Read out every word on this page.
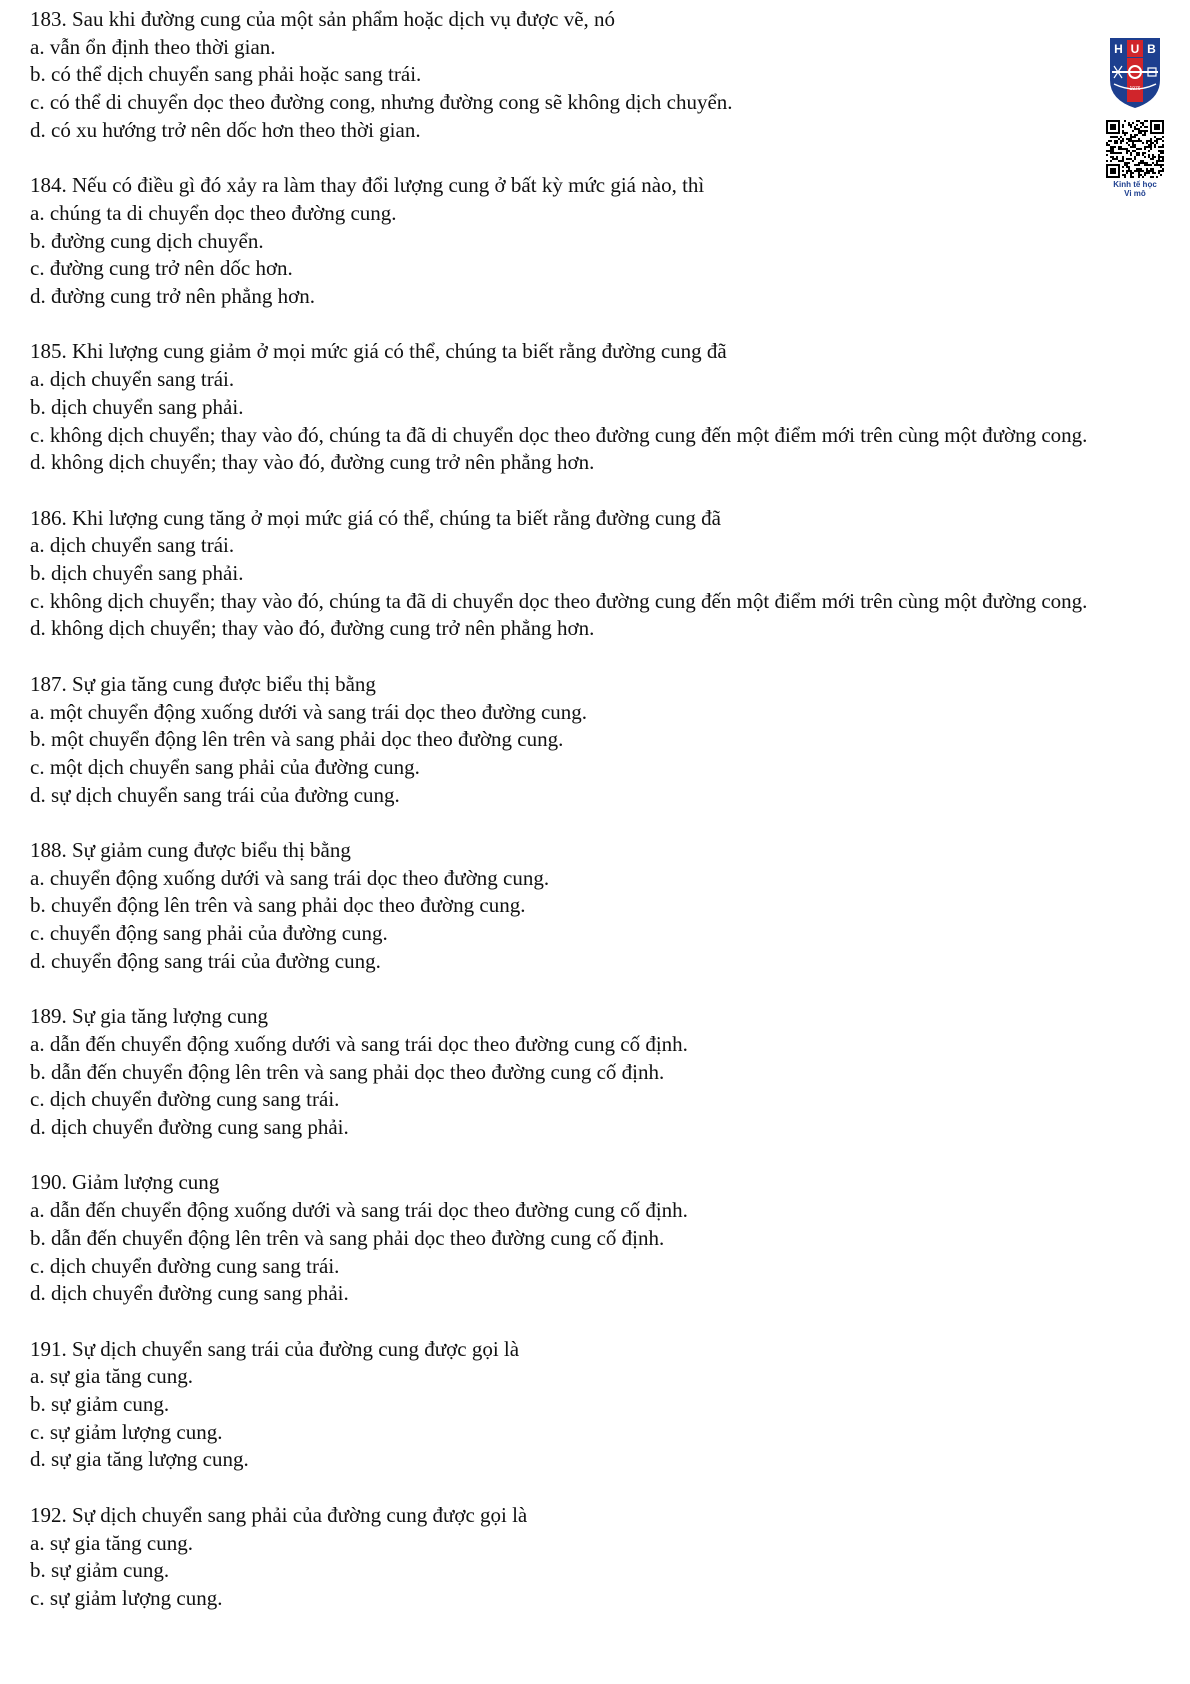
183. Sau khi đường cung của một sản phẩm hoặc dịch vụ được vẽ, nó

a. vẫn ổn định theo thời gian.

b. có thể dịch chuyển sang phải hoặc sang trái.

c. có thể di chuyển dọc theo đường cong, nhưng đường cong sẽ không dịch chuyển.

d. có xu hướng trở nên dốc hơn theo thời gian.

184. Nếu có điều gì đó xảy ra làm thay đổi lượng cung ở bất kỳ mức giá nào, thì

a. chúng ta di chuyển dọc theo đường cung.

b. đường cung dịch chuyển.

c. đường cung trở nên dốc hơn.

d. đường cung trở nên phẳng hơn.

185. Khi lượng cung giảm ở mọi mức giá có thể, chúng ta biết rằng đường cung đã

a. dịch chuyển sang trái.

b. dịch chuyển sang phải.

c. không dịch chuyển; thay vào đó, chúng ta đã di chuyển dọc theo đường cung đến một điểm mới trên cùng một đường cong.

d. không dịch chuyển; thay vào đó, đường cung trở nên phẳng hơn.

186. Khi lượng cung tăng ở mọi mức giá có thể, chúng ta biết rằng đường cung đã

a. dịch chuyển sang trái.

b. dịch chuyển sang phải.

c. không dịch chuyển; thay vào đó, chúng ta đã di chuyển dọc theo đường cung đến một điểm mới trên cùng một đường cong.

d. không dịch chuyển; thay vào đó, đường cung trở nên phẳng hơn.

187. Sự gia tăng cung được biểu thị bằng

a. một chuyển động xuống dưới và sang trái dọc theo đường cung.

b. một chuyển động lên trên và sang phải dọc theo đường cung.

c. một dịch chuyển sang phải của đường cung.

d. sự dịch chuyển sang trái của đường cung.

188. Sự giảm cung được biểu thị bằng

a. chuyển động xuống dưới và sang trái dọc theo đường cung.

b. chuyển động lên trên và sang phải dọc theo đường cung.

c. chuyển động sang phải của đường cung.

d. chuyển động sang trái của đường cung.

189. Sự gia tăng lượng cung

a. dẫn đến chuyển động xuống dưới và sang trái dọc theo đường cung cố định.

b. dẫn đến chuyển động lên trên và sang phải dọc theo đường cung cố định.

c. dịch chuyển đường cung sang trái.

d. dịch chuyển đường cung sang phải.

190. Giảm lượng cung

a. dẫn đến chuyển động xuống dưới và sang trái dọc theo đường cung cố định.

b. dẫn đến chuyển động lên trên và sang phải dọc theo đường cung cố định.

c. dịch chuyển đường cung sang trái.

d. dịch chuyển đường cung sang phải.

191. Sự dịch chuyển sang trái của đường cung được gọi là

a. sự gia tăng cung.

b. sự giảm cung.

c. sự giảm lượng cung.

d. sự gia tăng lượng cung.

192. Sự dịch chuyển sang phải của đường cung được gọi là

a. sự gia tăng cung.

b. sự giảm cung.

c. sự giảm lượng cung.

H U B
1976
Kinh tế học
Vi mô
